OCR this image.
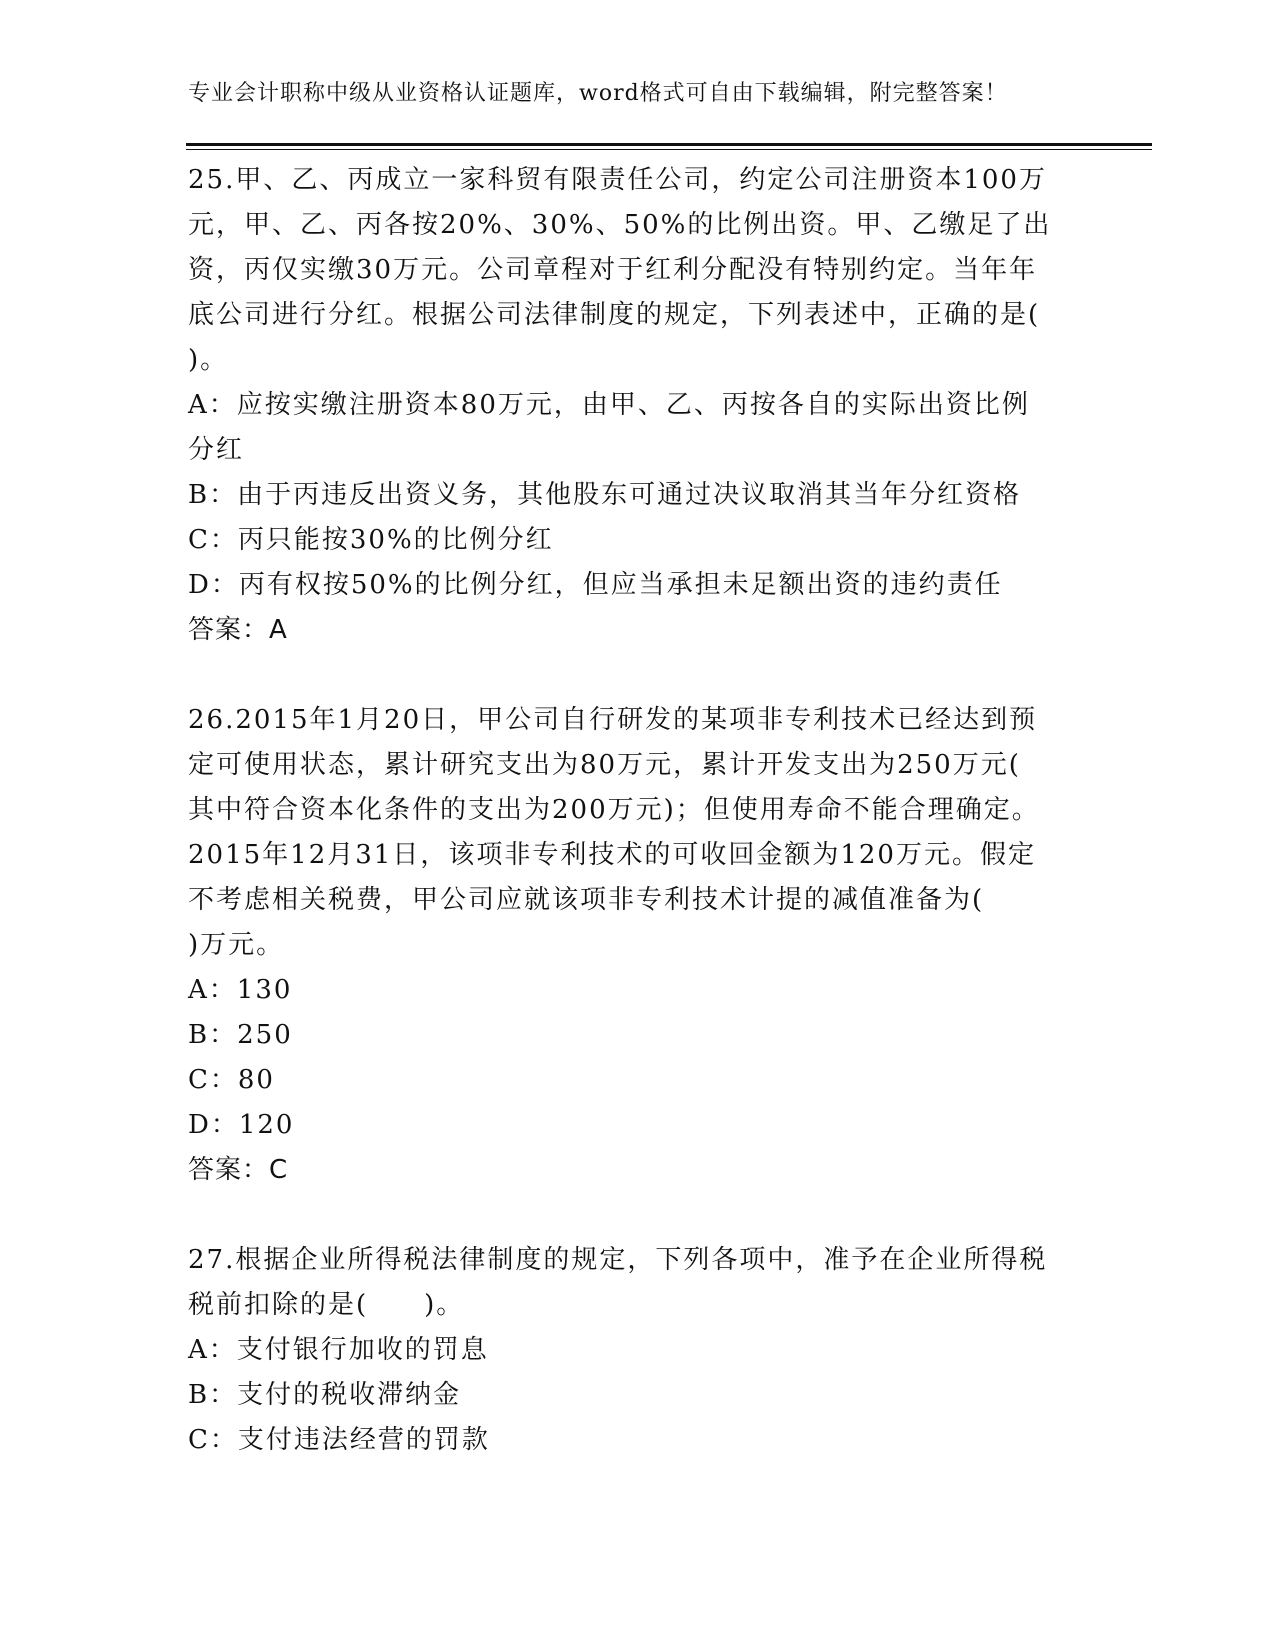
专业会计职称中级从业资格认证题库，word格式可自由下载编辑，附完整答案！
25.甲、乙、丙成立一家科贸有限责任公司，约定公司注册资本100万
元，甲、乙、丙各按20%、30%、50%的比例出资。甲、乙缴足了出
资，丙仅实缴30万元。公司章程对于红利分配没有特别约定。当年年
底公司进行分红。根据公司法律制度的规定，下列表述中，正确的是(
)。
A：应按实缴注册资本80万元，由甲、乙、丙按各自的实际出资比例
分红
B：由于丙违反出资义务，其他股东可通过决议取消其当年分红资格
C：丙只能按30%的比例分红
D：丙有权按50%的比例分红，但应当承担未足额出资的违约责任
答案：A
26.2015年1月20日，甲公司自行研发的某项非专利技术已经达到预
定可使用状态，累计研究支出为80万元，累计开发支出为250万元(
其中符合资本化条件的支出为200万元)；但使用寿命不能合理确定。
2015年12月31日，该项非专利技术的可收回金额为120万元。假定
不考虑相关税费，甲公司应就该项非专利技术计提的减值准备为(
)万元。
A：130
B：250
C：80
D：120
答案：C
27.根据企业所得税法律制度的规定，下列各项中，准予在企业所得税
税前扣除的是(　　)。
A：支付银行加收的罚息
B：支付的税收滞纳金
C：支付违法经营的罚款
